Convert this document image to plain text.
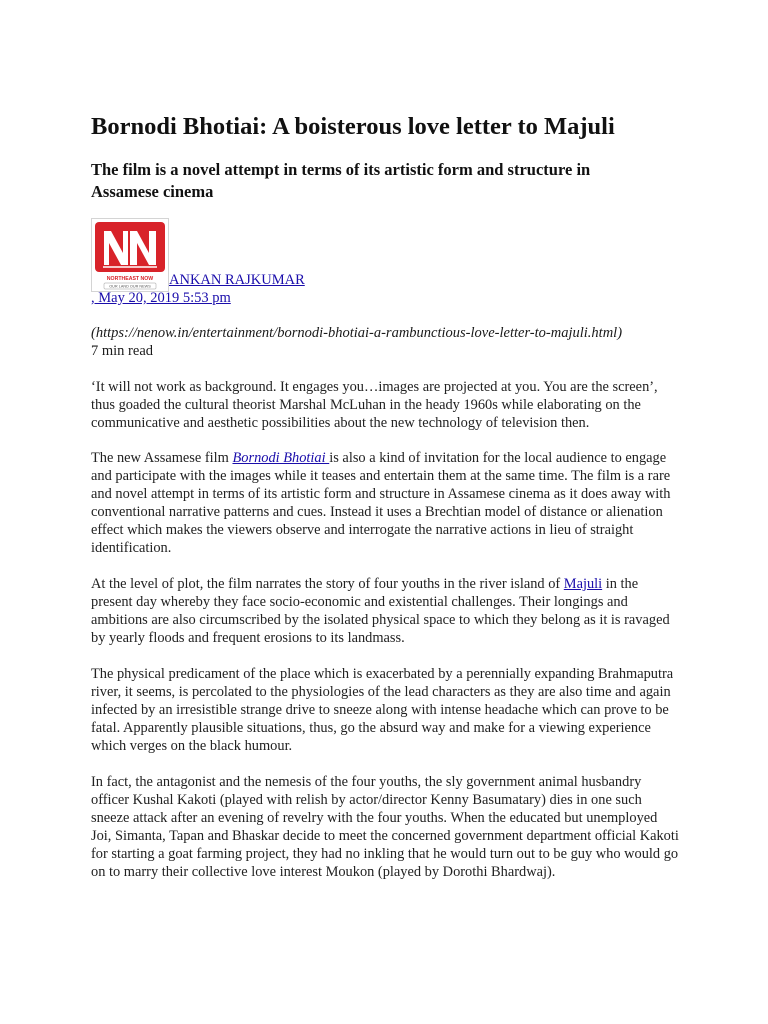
Bornodi Bhotiai: A boisterous love letter to Majuli
The film is a novel attempt in terms of its artistic form and structure in Assamese cinema
NORTHEAST NOW
OUR LAND OUR NEWS	ANKAN RAJKUMAR
, May 20, 2019 5:53 pm
(https://nenow.in/entertainment/bornodi-bhotiai-a-rambunctious-love-letter-to-majuli.html)
7 min read

‘It will not work as background. It engages you…images are projected at you. You are the screen’, thus goaded the cultural theorist Marshal McLuhan in the heady 1960s while elaborating on the communicative and aesthetic possibilities about the new technology of television then.

The new Assamese film Bornodi Bhotiai is also a kind of invitation for the local audience to engage and participate with the images while it teases and entertain them at the same time. The film is a rare and novel attempt in terms of its artistic form and structure in Assamese cinema as it does away with conventional narrative patterns and cues. Instead it uses a Brechtian model of distance or alienation effect which makes the viewers observe and interrogate the narrative actions in lieu of straight identification.

At the level of plot, the film narrates the story of four youths in the river island of Majuli in the present day whereby they face socio-economic and existential challenges. Their longings and ambitions are also circumscribed by the isolated physical space to which they belong as it is ravaged by yearly floods and frequent erosions to its landmass.

The physical predicament of the place which is exacerbated by a perennially expanding Brahmaputra river, it seems, is percolated to the physiologies of the lead characters as they are also time and again infected by an irresistible strange drive to sneeze along with intense headache which can prove to be fatal. Apparently plausible situations, thus, go the absurd way and make for a viewing experience which verges on the black humour.

In fact, the antagonist and the nemesis of the four youths, the sly government animal husbandry officer Kushal Kakoti (played with relish by actor/director Kenny Basumatary) dies in one such sneeze attack after an evening of revelry with the four youths. When the educated but unemployed Joi, Simanta, Tapan and Bhaskar decide to meet the concerned government department official Kakoti for starting a goat farming project, they had no inkling that he would turn out to be guy who would go on to marry their collective love interest Moukon (played by Dorothi Bhardwaj).
